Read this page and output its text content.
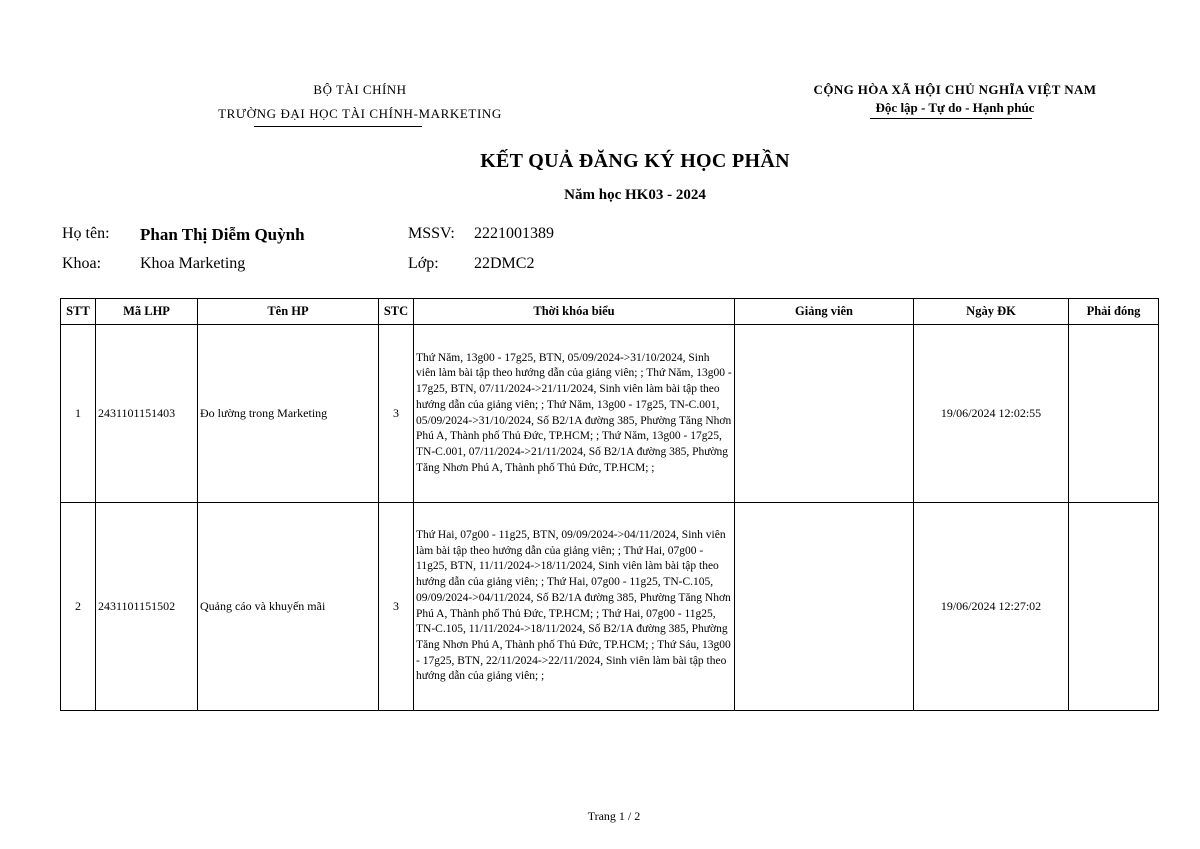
BỘ TÀI CHÍNH
TRƯỜNG ĐẠI HỌC TÀI CHÍNH-MARKETING
CỘNG HÒA XÃ HỘI CHỦ NGHĨA VIỆT NAM
Độc lập - Tự do - Hạnh phúc
KẾT QUẢ ĐĂNG KÝ HỌC PHẦN
Năm học HK03 - 2024
Họ tên: Phan Thị Diễm Quỳnh	MSSV: 2221001389
Khoa: Khoa Marketing	Lớp: 22DMC2
STT	Mã LHP	Tên HP	STC	Thời khóa biểu	Giảng viên	Ngày ĐK	Phải đóng
1	2431101151403	Đo lường trong Marketing	3	Thứ Năm, 13g00 - 17g25, BTN, 05/09/2024->31/10/2024, Sinh viên làm bài tập theo hướng dẫn của giảng viên; ; Thứ Năm, 13g00 - 17g25, BTN, 07/11/2024->21/11/2024, Sinh viên làm bài tập theo hướng dẫn của giảng viên; ; Thứ Năm, 13g00 - 17g25, TN-C.001, 05/09/2024->31/10/2024, Số B2/1A đường 385, Phường Tăng Nhơn Phú A, Thành phố Thủ Đức, TP.HCM; ; Thứ Năm, 13g00 - 17g25, TN-C.001, 07/11/2024->21/11/2024, Số B2/1A đường 385, Phường Tăng Nhơn Phú A, Thành phố Thủ Đức, TP.HCM; ;		19/06/2024 12:02:55	
2	2431101151502	Quảng cáo và khuyến mãi	3	Thứ Hai, 07g00 - 11g25, BTN, 09/09/2024->04/11/2024, Sinh viên làm bài tập theo hướng dẫn của giảng viên; ; Thứ Hai, 07g00 - 11g25, BTN, 11/11/2024->18/11/2024, Sinh viên làm bài tập theo hướng dẫn của giảng viên; ; Thứ Hai, 07g00 - 11g25, TN-C.105, 09/09/2024->04/11/2024, Số B2/1A đường 385, Phường Tăng Nhơn Phú A, Thành phố Thủ Đức, TP.HCM; ; Thứ Hai, 07g00 - 11g25, TN-C.105, 11/11/2024->18/11/2024, Số B2/1A đường 385, Phường Tăng Nhơn Phú A, Thành phố Thủ Đức, TP.HCM; ; Thứ Sáu, 13g00 - 17g25, BTN, 22/11/2024->22/11/2024, Sinh viên làm bài tập theo hướng dẫn của giảng viên; ;		19/06/2024 12:27:02	
Trang 1 / 2
